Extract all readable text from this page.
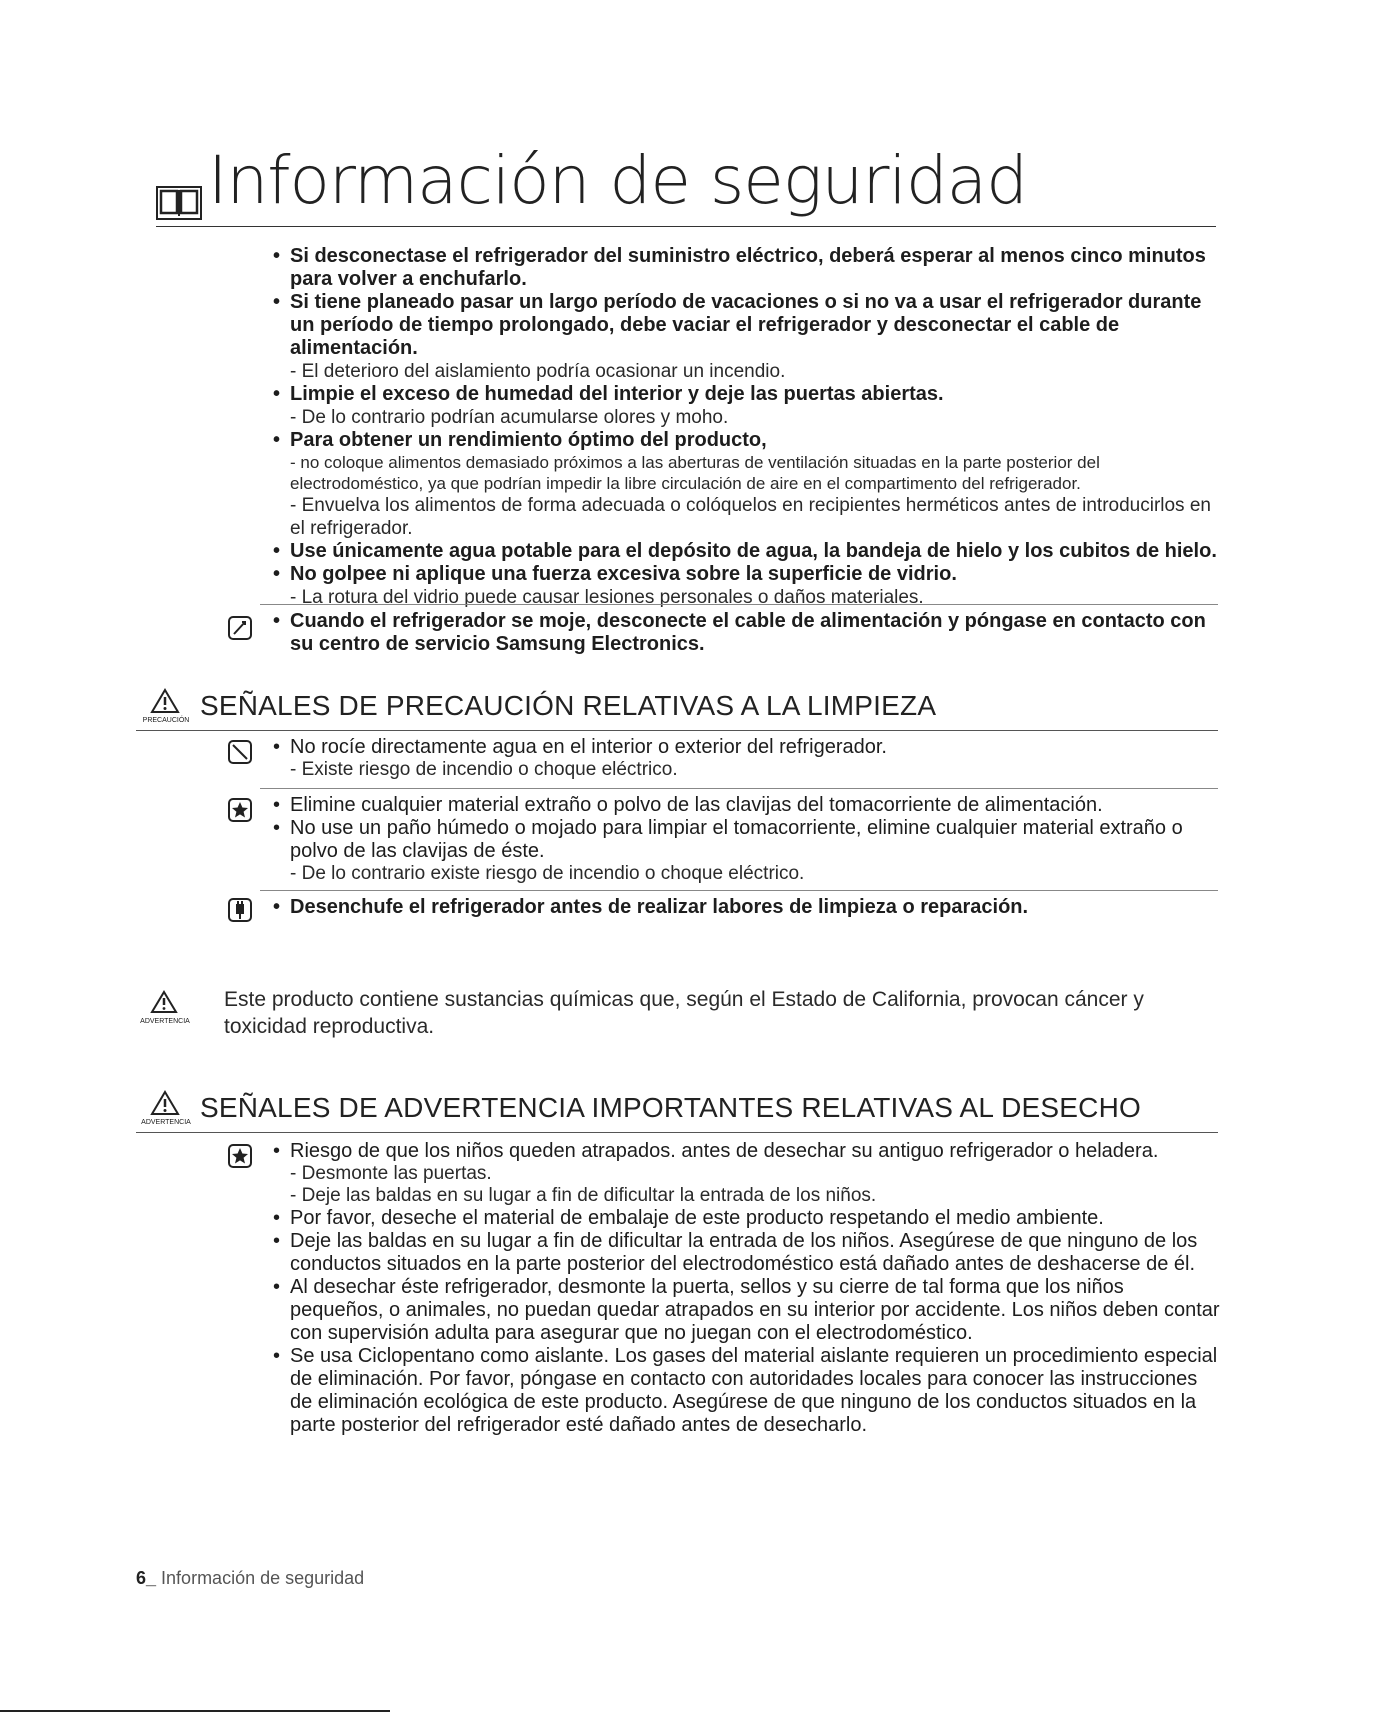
Información de seguridad
• Si desconectase el refrigerador del suministro eléctrico, deberá esperar al menos cinco minutos para volver a enchufarlo.
• Si tiene planeado pasar un largo período de vacaciones o si no va a usar el refrigerador durante un período de tiempo prolongado, debe vaciar el refrigerador y desconectar el cable de alimentación.
- El deterioro del aislamiento podría ocasionar un incendio.
• Limpie el exceso de humedad del interior y deje las puertas abiertas.
- De lo contrario podrían acumularse olores y moho.
• Para obtener un rendimiento óptimo del producto,
- no coloque alimentos demasiado próximos a las aberturas de ventilación situadas en la parte posterior del electrodoméstico, ya que podrían impedir la libre circulación de aire en el compartimento del refrigerador.
- Envuelva los alimentos de forma adecuada o colóquelos en recipientes herméticos antes de introducirlos en el refrigerador.
• Use únicamente agua potable para el depósito de agua, la bandeja de hielo y los cubitos de hielo.
• No golpee ni aplique una fuerza excesiva sobre la superficie de vidrio.
- La rotura del vidrio puede causar lesiones personales o daños materiales.
• Cuando el refrigerador se moje, desconecte el cable de alimentación y póngase en contacto con su centro de servicio Samsung Electronics.
PRECAUCIÓN SEÑALES DE PRECAUCIÓN RELATIVAS A LA LIMPIEZA
• No rocíe directamente agua en el interior o exterior del refrigerador.
- Existe riesgo de incendio o choque eléctrico.
• Elimine cualquier material extraño o polvo de las clavijas del tomacorriente de alimentación.
• No use un paño húmedo o mojado para limpiar el tomacorriente, elimine cualquier material extraño o polvo de las clavijas de éste.
- De lo contrario existe riesgo de incendio o choque eléctrico.
• Desenchufe el refrigerador antes de realizar labores de limpieza o reparación.
ADVERTENCIA
Este producto contiene sustancias químicas que, según el Estado de California, provocan cáncer y toxicidad reproductiva.
ADVERTENCIA SEÑALES DE ADVERTENCIA IMPORTANTES RELATIVAS AL DESECHO
• Riesgo de que los niños queden atrapados. antes de desechar su antiguo refrigerador o heladera.
- Desmonte las puertas.
- Deje las baldas en su lugar a fin de dificultar la entrada de los niños.
• Por favor, deseche el material de embalaje de este producto respetando el medio ambiente.
• Deje las baldas en su lugar a fin de dificultar la entrada de los niños. Asegúrese de que ninguno de los conductos situados en la parte posterior del electrodoméstico está dañado antes de deshacerse de él.
• Al desechar éste refrigerador, desmonte la puerta, sellos y su cierre de tal forma que los niños pequeños, o animales, no puedan quedar atrapados en su interior por accidente. Los niños deben contar con supervisión adulta para asegurar que no juegan con el electrodoméstico.
• Se usa Ciclopentano como aislante. Los gases del material aislante requieren un procedimiento especial de eliminación. Por favor, póngase en contacto con autoridades locales para conocer las instrucciones de eliminación ecológica de este producto. Asegúrese de que ninguno de los conductos situados en la parte posterior del refrigerador esté dañado antes de desecharlo.
6_ Información de seguridad
